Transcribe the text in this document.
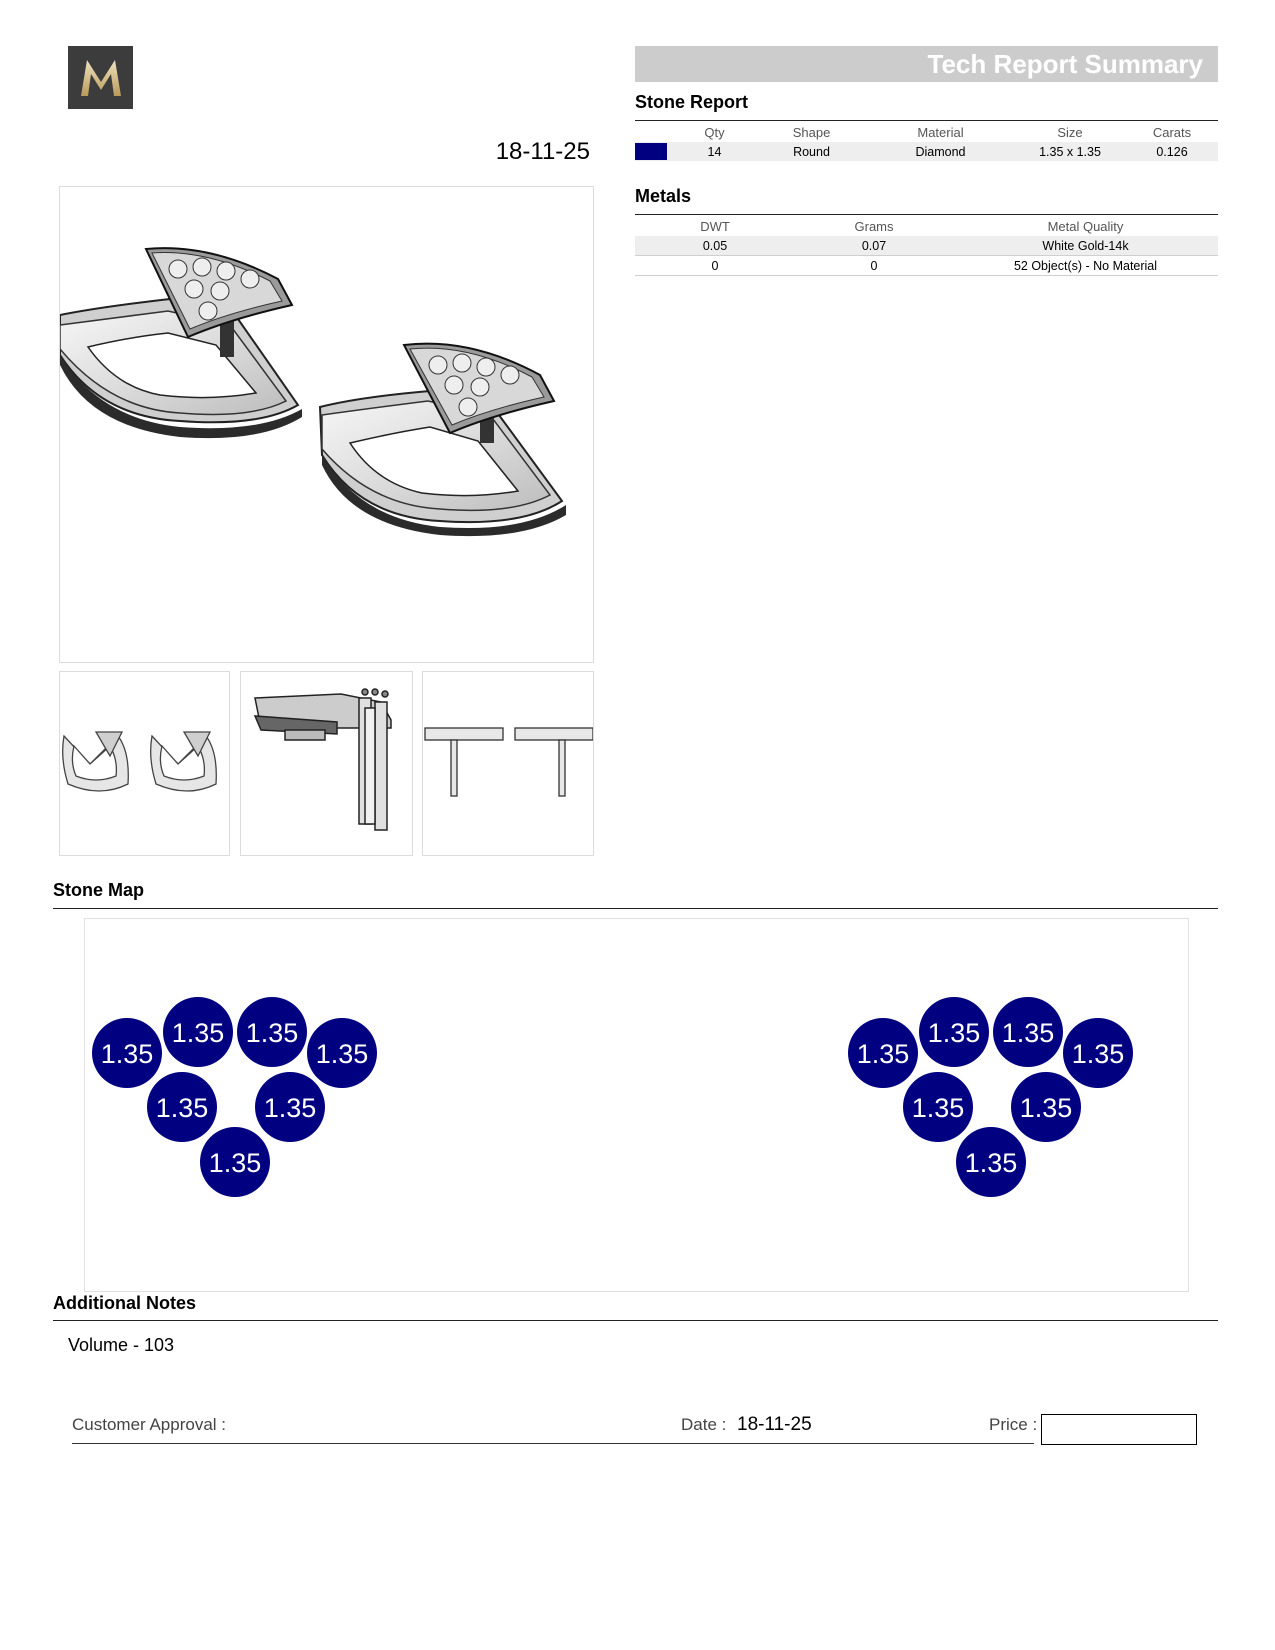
18-11-25
Tech Report Summary
Stone Report
	Qty	Shape	Material	Size	Carats

	14	Round	Diamond	1.35 x 1.35	0.126
Metals
DWT	Grams	Metal Quality
0.05	0.07	White Gold-14k
0	0	52 Object(s) - No Material
Stone Map
1.35
1.35 1.35
1.35
1.35 1.35
1.35
1.35
1.35 1.35
1.35
1.35 1.35
1.35
Additional Notes
Volume - 103
Customer Approval :	Date : 18-11-25	Price :
